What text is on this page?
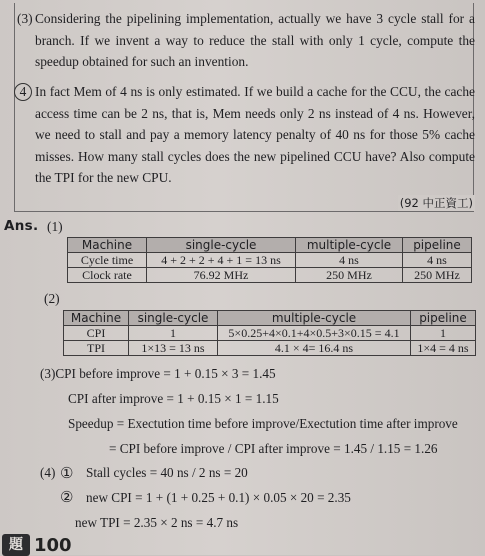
(3) Considering the pipelining implementation, actually we have 3 cycle stall for a branch. If we invent a way to reduce the stall with only 1 cycle, compute the speedup obtained for such an invention.
4 In fact Mem of 4 ns is only estimated. If we build a cache for the CCU, the cache access time can be 2 ns, that is, Mem needs only 2 ns instead of 4 ns. However, we need to stall and pay a memory latency penalty of 40 ns for those 5% cache misses. How many stall cycles does the new pipelined CCU have? Also compute the TPI for the new CPU.
(92 中正資工)
Ans. (1)
Machine	single-cycle	multiple-cycle	pipeline
Cycle time	4 + 2 + 2 + 4 + 1 = 13 ns	4 ns	4 ns
Clock rate	76.92 MHz	250 MHz	250 MHz
(2)
Machine	single-cycle	multiple-cycle	pipeline
CPI	1	5×0.25+4×0.1+4×0.5+3×0.15 = 4.1	1
TPI	1×13 = 13 ns	4.1 × 4= 16.4 ns	1×4 = 4 ns
(3)CPI before improve = 1 + 0.15 × 3 = 1.45
CPI after improve = 1 + 0.15 × 1 = 1.15
Speedup = Exectution time before improve/Exectution time after improve
= CPI before improve / CPI after improve = 1.45 / 1.15 = 1.26
(4) ① Stall cycles = 40 ns / 2 ns = 20
② new CPI = 1 + (1 + 0.25 + 0.1) × 0.05 × 20 = 2.35
new TPI = 2.35 × 2 ns = 4.7 ns
題 100
